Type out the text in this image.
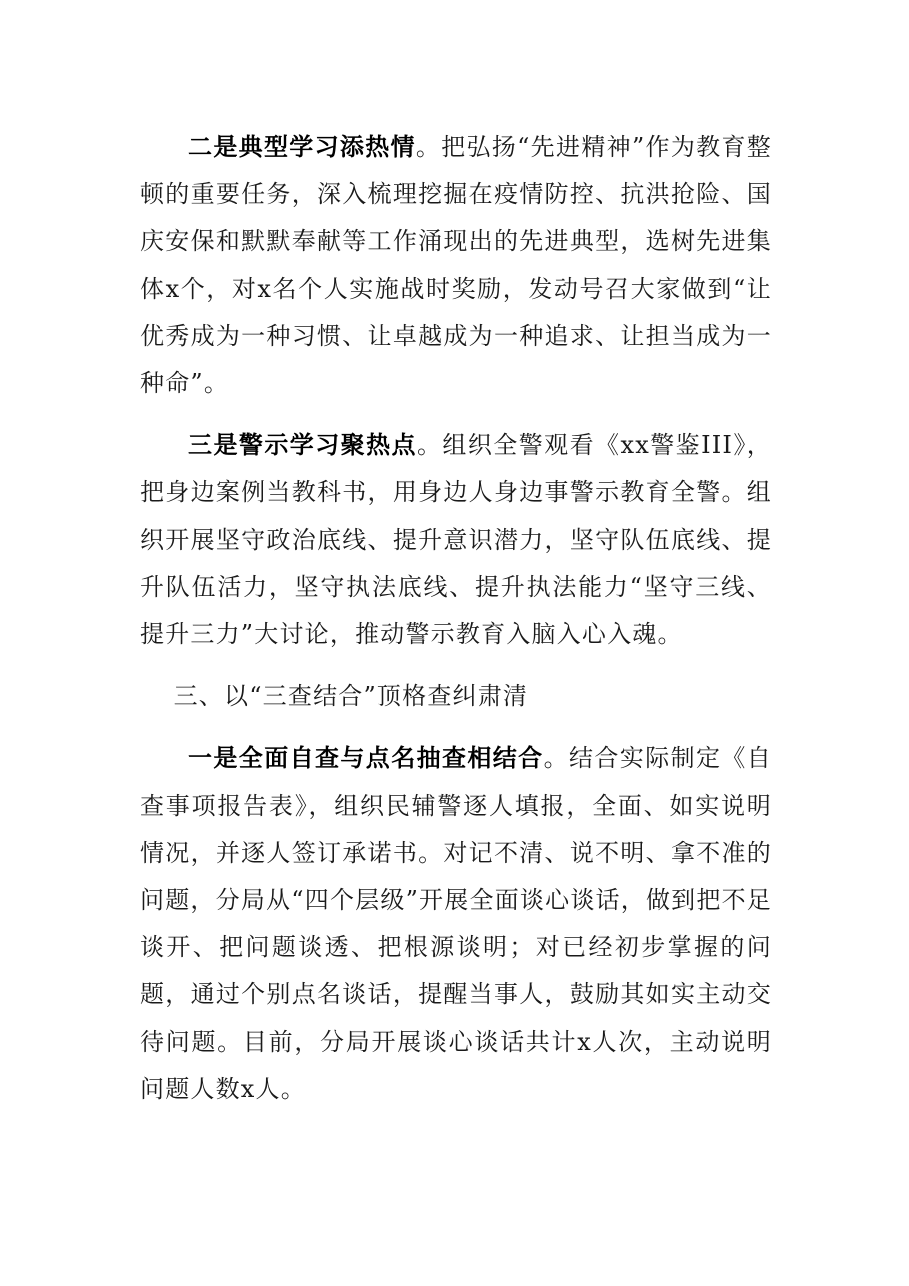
二是典型学习添热情。把弘扬“先进精神”作为教育整顿的重要任务，深入梳理挖掘在疫情防控、抗洪抢险、国庆安保和默默奉献等工作涌现出的先进典型，选树先进集体x个，对x名个人实施战时奖励，发动号召大家做到“让优秀成为一种习惯、让卓越成为一种追求、让担当成为一种命”。

三是警示学习聚热点。组织全警观看《xx警鉴III》，把身边案例当教科书，用身边人身边事警示教育全警。组织开展坚守政治底线、提升意识潜力，坚守队伍底线、提升队伍活力，坚守执法底线、提升执法能力“坚守三线、提升三力”大讨论，推动警示教育入脑入心入魂。

三、以“三查结合”顶格查纠肃清

一是全面自查与点名抽查相结合。结合实际制定《自查事项报告表》，组织民辅警逐人填报，全面、如实说明情况，并逐人签订承诺书。对记不清、说不明、拿不准的问题，分局从“四个层级”开展全面谈心谈话，做到把不足谈开、把问题谈透、把根源谈明；对已经初步掌握的问题，通过个别点名谈话，提醒当事人，鼓励其如实主动交待问题。目前，分局开展谈心谈话共计x人次，主动说明问题人数x人。
